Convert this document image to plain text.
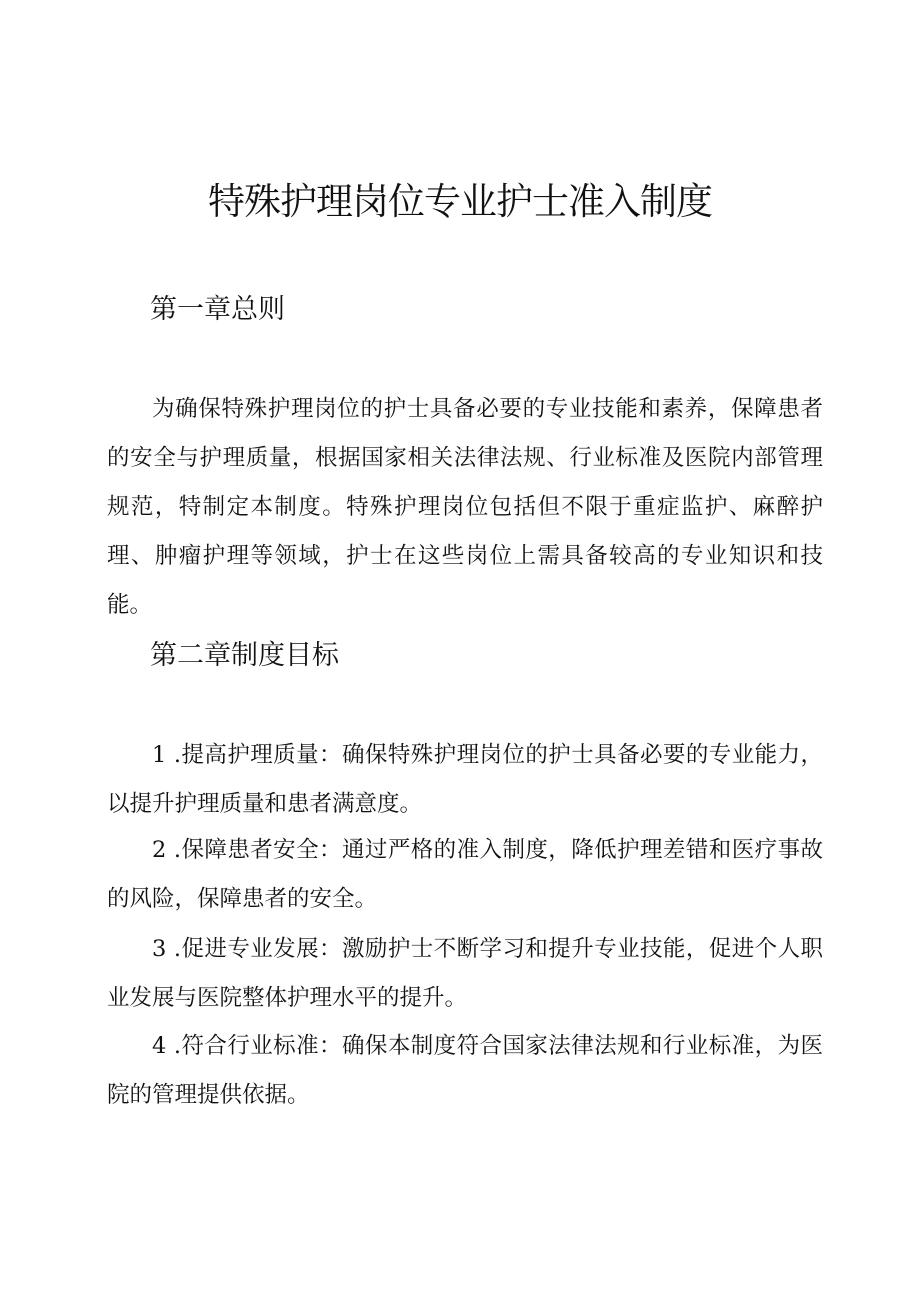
特殊护理岗位专业护士准入制度
第一章总则

为确保特殊护理岗位的护士具备必要的专业技能和素养，保障患者的安全与护理质量，根据国家相关法律法规、行业标准及医院内部管理规范，特制定本制度。特殊护理岗位包括但不限于重症监护、麻醉护理、肿瘤护理等领域，护士在这些岗位上需具备较高的专业知识和技能。

第二章制度目标

1 .提高护理质量：确保特殊护理岗位的护士具备必要的专业能力，以提升护理质量和患者满意度。

2 .保障患者安全：通过严格的准入制度，降低护理差错和医疗事故的风险，保障患者的安全。

3 .促进专业发展：激励护士不断学习和提升专业技能，促进个人职业发展与医院整体护理水平的提升。

4 .符合行业标准：确保本制度符合国家法律法规和行业标准，为医院的管理提供依据。
